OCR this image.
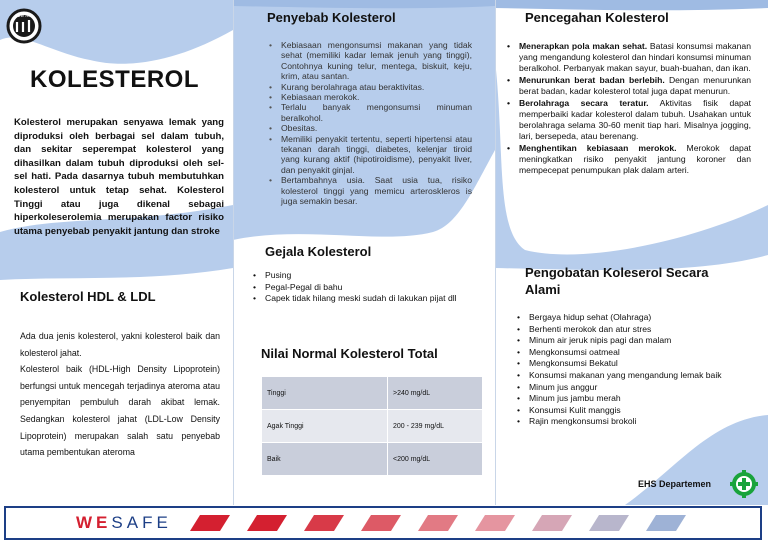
new m
KOLESTEROL

Kolesterol merupakan senyawa lemak yang diproduksi oleh berbagai sel dalam tubuh, dan sekitar seperempat kolesterol yang dihasilkan dalam tubuh diproduksi oleh sel-sel hati. Pada dasarnya tubuh membutuhkan kolesterol untuk tetap sehat. Kolesterol Tinggi atau juga dikenal sebagai hiperkoleserolemia merupakan factor risiko utama penyebab penyakit jantung dan stroke

Kolesterol HDL & LDL

Ada dua jenis kolesterol, yakni kolesterol baik dan kolesterol jahat.

Kolesterol baik (HDL-High Density Lipoprotein) berfungsi untuk mencegah terjadinya ateroma atau penyempitan pembuluh darah akibat lemak. Sedangkan kolesterol jahat (LDL-Low Density Lipoprotein) merupakan salah satu penyebab utama pembentukan ateroma

Penyebab Kolesterol
• Kebiasaan mengonsumsi makanan yang tidak sehat (memiliki kadar lemak jenuh yang tinggi), Contohnya kuning telur, mentega, biskuit, keju, krim, atau santan.
• Kurang berolahraga atau beraktivitas.
• Kebiasaan merokok.
• Terlalu banyak mengonsumsi minuman beralkohol.
• Obesitas.
• Memiliki penyakit tertentu, seperti hipertensi atau tekanan darah tinggi, diabetes, kelenjar tiroid yang kurang aktif (hipotiroidisme), penyakit liver, dan penyakit ginjal.
• Bertambahnya usia. Saat usia tua, risiko kolesterol tinggi yang memicu arteroskleros is juga semakin besar.
Gejala Kolesterol
• Pusing
• Pegal-Pegal di bahu
• Capek tidak hilang meski sudah di lakukan pijat dll
Nilai Normal Kolesterol Total
Tinggi	>240 mg/dL
Agak Tinggi	200 - 239 mg/dL
Baik	<200 mg/dL
Pencegahan Kolesterol
• Menerapkan pola makan sehat. Batasi konsumsi makanan yang mengandung kolesterol dan hindari konsumsi minuman beralkohol. Perbanyak makan sayur, buah-buahan, dan ikan.
• Menurunkan berat badan berlebih. Dengan menurunkan berat badan, kadar kolesterol total juga dapat menurun.
• Berolahraga secara teratur. Aktivitas fisik dapat memperbaiki kadar kolesterol dalam tubuh. Usahakan untuk berolahraga selama 30-60 menit tiap hari. Misalnya jogging, lari, bersepeda, atau berenang.
• Menghentikan kebiasaan merokok. Merokok dapat meningkatkan risiko penyakit jantung koroner dan mempecepat penumpukan plak dalam arteri.
Pengobatan Koleserol Secara Alami
• Bergaya hidup sehat (Olahraga)
• Berhenti merokok dan atur stres
• Minum air jeruk nipis pagi dan malam
• Mengkonsumsi oatmeal
• Mengkonsumsi Bekatul
• Konsumsi makanan yang mengandung lemak baik
• Minum jus anggur
• Minum jus jambu merah
• Konsumsi Kulit manggis
• Rajin mengkonsumsi brokoli
EHS Departemen
WESAFE
